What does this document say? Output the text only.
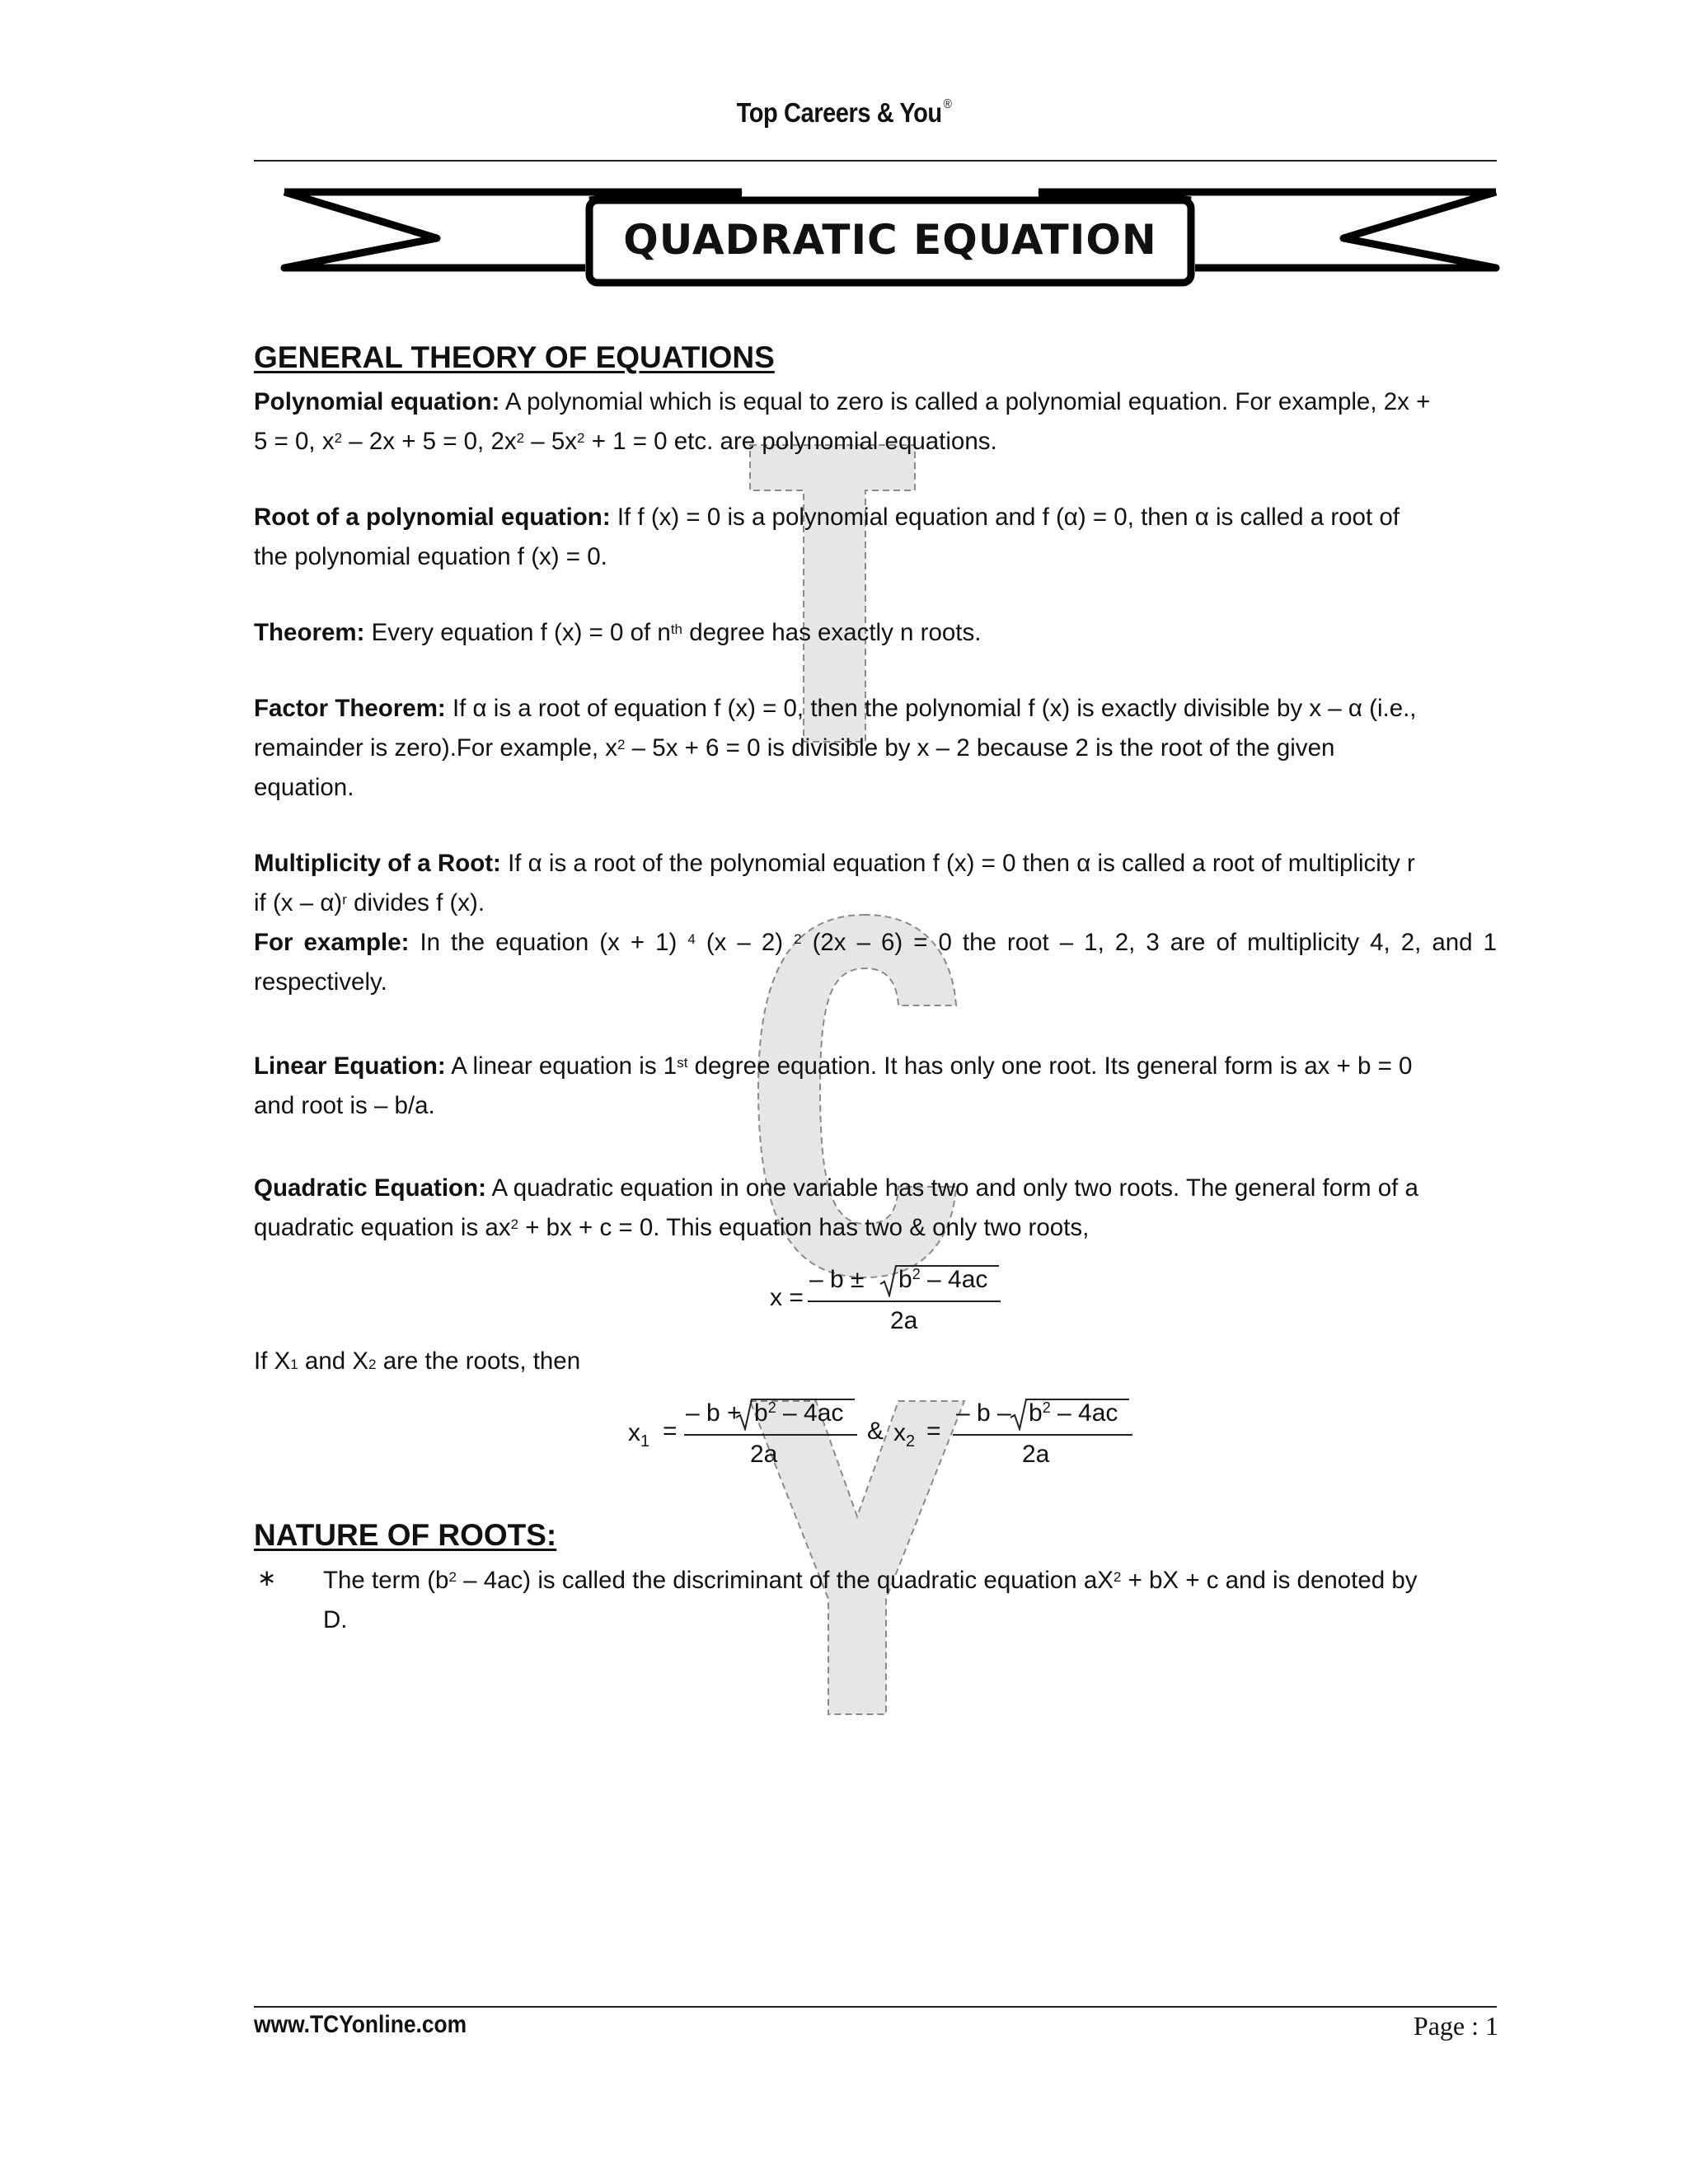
Top Careers & You ®
QUADRATIC EQUATION
GENERAL THEORY OF EQUATIONS
Polynomial equation: A polynomial which is equal to zero is called a polynomial equation. For example, 2x +
5 = 0, $x^2 - 2x + 5 = 0$, $2x^2 - 5x^2 + 1 = 0$ etc. are polynomial equations.
Root of a polynomial equation: If f (x) = 0 is a polynomial equation and f (α) = 0, then α is called a root of
the polynomial equation f (x) = 0.
Theorem: Every equation f (x) = 0 of $n^{th}$ degree has exactly n roots.
Factor Theorem: If α is a root of equation f (x) = 0, then the polynomial f (x) is exactly divisible by x – α (i.e.,
remainder is zero).For example, $x^2 - 5x + 6 = 0$ is divisible by x – 2 because 2 is the root of the given
equation.
Multiplicity of a Root: If α is a root of the polynomial equation f (x) = 0 then α is called a root of multiplicity r
if (x – α)$^r$ divides f (x).
For example: In the equation (x + 1) $^4$ (x – 2) $^2$ (2x – 6) = 0 the root – 1, 2, 3 are of multiplicity 4, 2, and 1
respectively.
Linear Equation: A linear equation is 1st degree equation. It has only one root. Its general form is ax + b = 0
and root is – b/a.
Quadratic Equation: A quadratic equation in one variable has two and only two roots. The general form of a
quadratic equation is $ax^2$ + bx + c = 0. This equation has two & only two roots,
x =
– $b \pm b^2 - 4ac$
2a
If $X_1$ and $X_2$ are the roots, then
$x_1$ =
– $b + b^2 - 4ac$
2a
& $x_2$ =
– b – $b^2 - 4ac$
2a
NATURE OF ROOTS:
∗ The term $(b^2 - 4ac)$ is called the discriminant of the quadratic equation $aX^2$ + bX + c and is denoted by
D.
www.TCYonline.com	Page : 1
